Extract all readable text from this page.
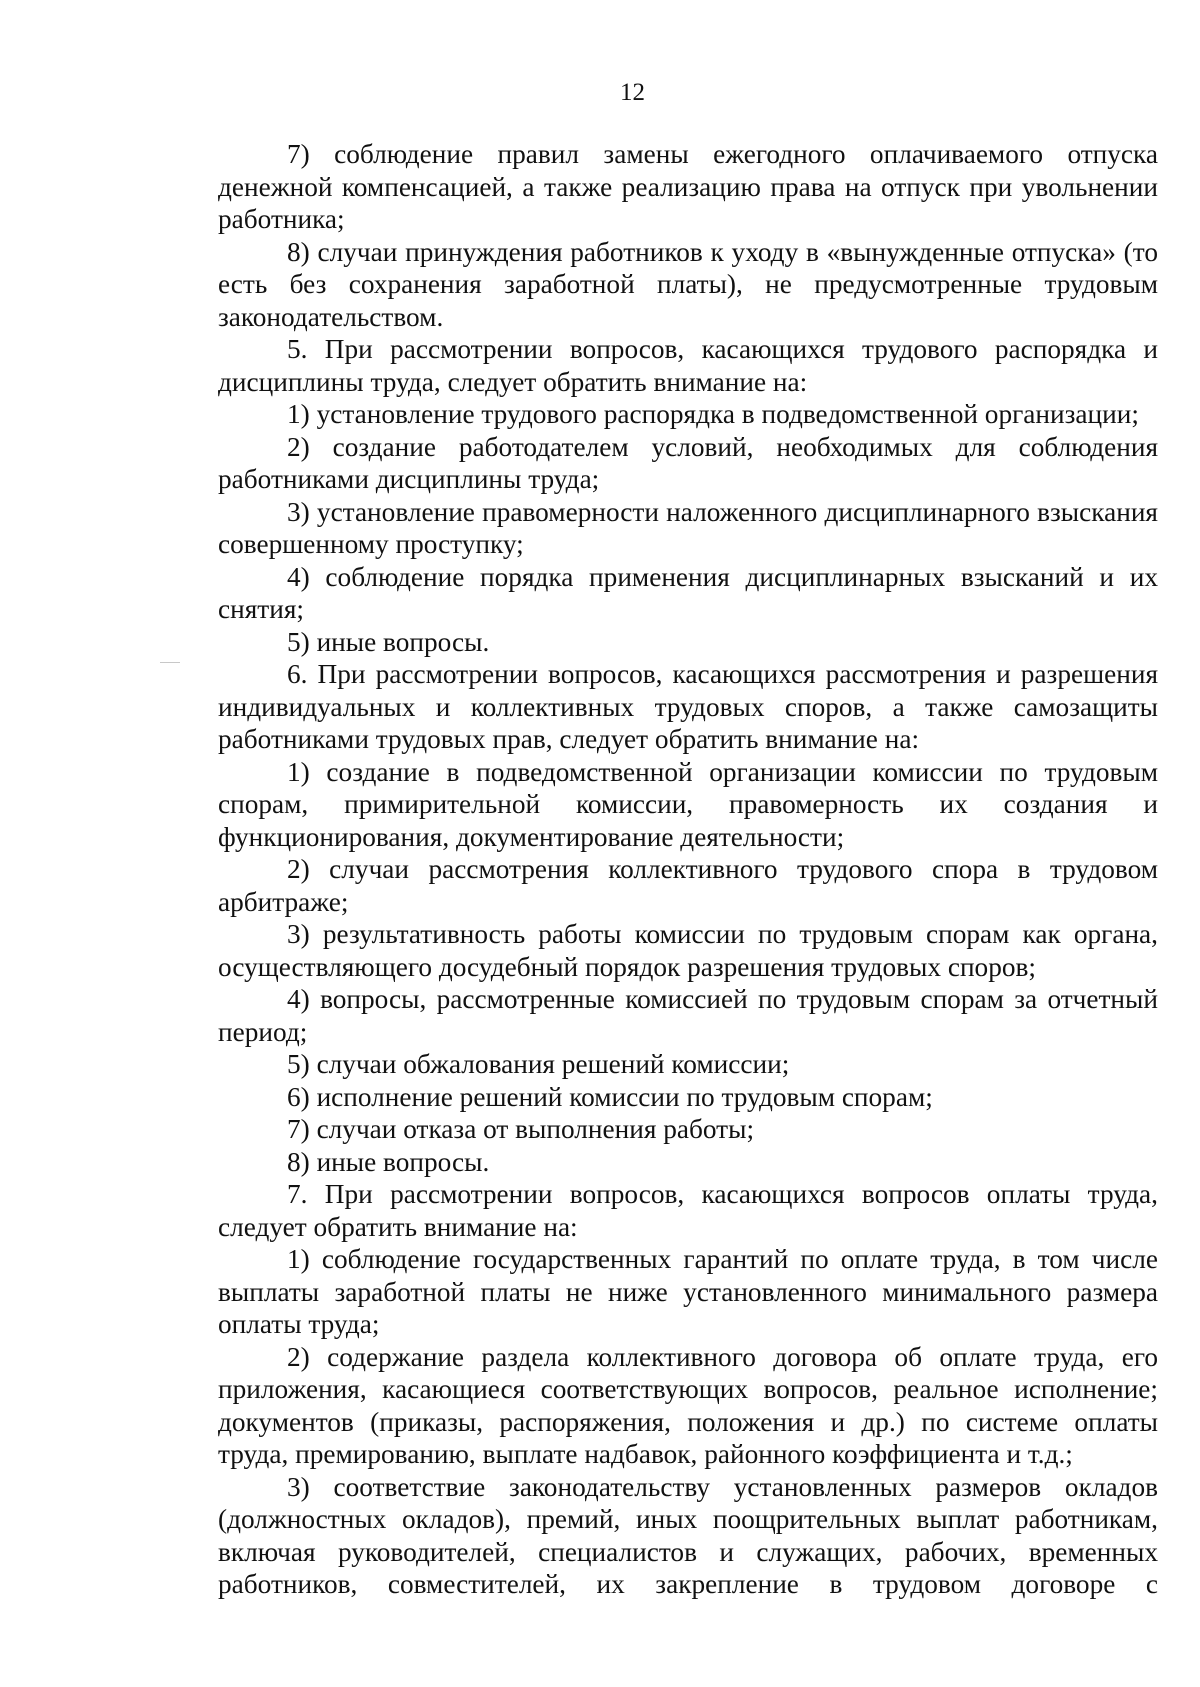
12

7) соблюдение правил замены ежегодного оплачиваемого отпуска денежной компенсацией, а также реализацию права на отпуск при увольнении работника;

8) случаи принуждения работников к уходу в «вынужденные отпуска» (то есть без сохранения заработной платы), не предусмотренные трудовым законодательством.

5. При рассмотрении вопросов, касающихся трудового распорядка и дисциплины труда, следует обратить внимание на:

1) установление трудового распорядка в подведомственной организации;

2) создание работодателем условий, необходимых для соблюдения работниками дисциплины труда;

3) установление правомерности наложенного дисциплинарного взыскания совершенному проступку;

4) соблюдение порядка применения дисциплинарных взысканий и их снятия;

5) иные вопросы.

6. При рассмотрении вопросов, касающихся рассмотрения и разрешения индивидуальных и коллективных трудовых споров, а также самозащиты работниками трудовых прав, следует обратить внимание на:

1) создание в подведомственной организации комиссии по трудовым спорам, примирительной комиссии, правомерность их создания и функционирования, документирование деятельности;

2) случаи рассмотрения коллективного трудового спора в трудовом арбитраже;

3) результативность работы комиссии по трудовым спорам как органа, осуществляющего досудебный порядок разрешения трудовых споров;

4) вопросы, рассмотренные комиссией по трудовым спорам за отчетный период;

5) случаи обжалования решений комиссии;

6) исполнение решений комиссии по трудовым спорам;

7) случаи отказа от выполнения работы;

8) иные вопросы.

7. При рассмотрении вопросов, касающихся вопросов оплаты труда, следует обратить внимание на:

1) соблюдение государственных гарантий по оплате труда, в том числе выплаты заработной платы не ниже установленного минимального размера оплаты труда;

2) содержание раздела коллективного договора об оплате труда, его приложения, касающиеся соответствующих вопросов, реальное исполнение; документов (приказы, распоряжения, положения и др.) по системе оплаты труда, премированию, выплате надбавок, районного коэффициента и т.д.;

3) соответствие законодательству установленных размеров окладов (должностных окладов), премий, иных поощрительных выплат работникам, включая руководителей, специалистов и служащих, рабочих, временных работников, совместителей, их закрепление в трудовом договоре с
